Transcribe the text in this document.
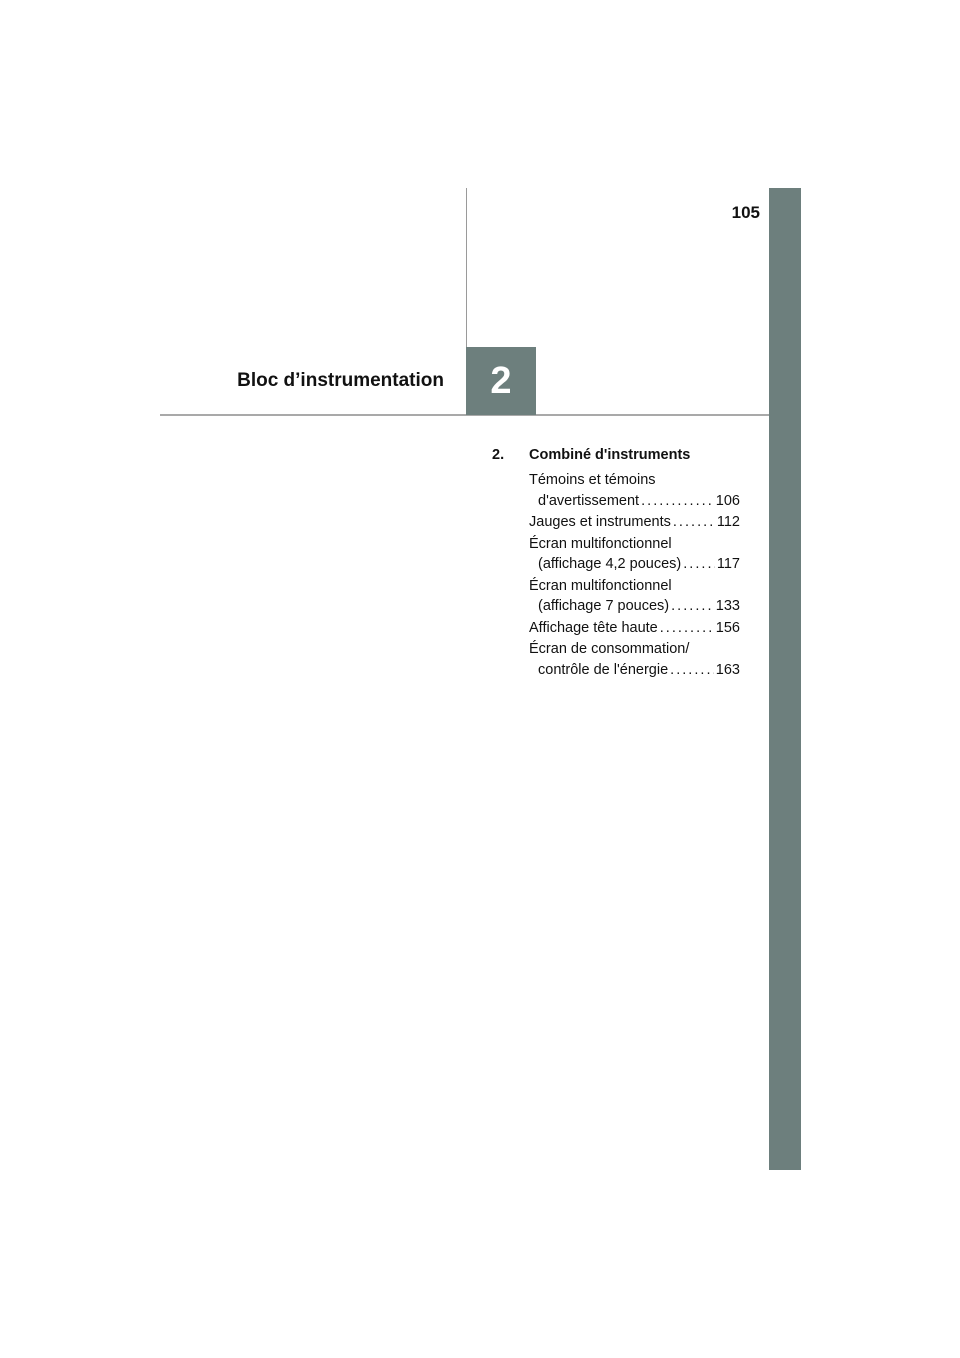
105
2
Bloc d’instrumentation
2.	Combiné d'instruments
Témoins et témoins
d'avertissement . . .	106
Jauges et instruments . . .	112
Écran multifonctionnel
(affichage 4,2 pouces) . . . 117
Écran multifonctionnel
(affichage 7 pouces) . . .	133
Affichage tête haute . . .	156
Écran de consommation/
contrôle de l'énergie . . .	163
